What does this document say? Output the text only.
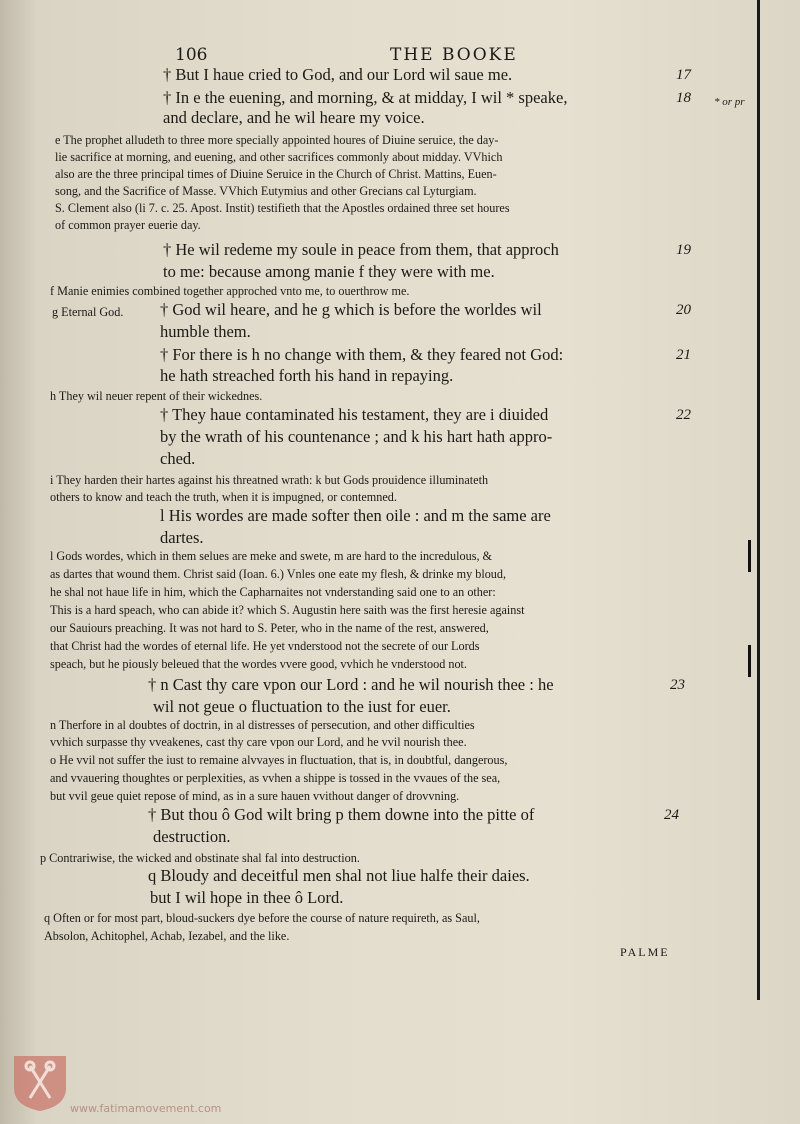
106	THE BOOKE
* or pr
† But I haue cried to God, and our Lord wil saue me.	17
† In e the euening, and morning, & at midday, I wil * speake,	18
and declare, and he wil heare my voice.
e The prophet alludeth to three more specially appointed houres of Diuine seruice, the day-
lie sacrifice at morning, and euening, and other sacrifices commonly about midday. VVhich
also are the three principal times of Diuine Seruice in the Church of Christ. Mattins, Euen-
song, and the Sacrifice of Masse. VVhich Eutymius and other Grecians cal Lyturgiam.
S. Clement also (li 7. c. 25. Apost. Instit) testifieth that the Apostles ordained three set houres
of common prayer euerie day.
† He wil redeme my soule in peace from them, that approch	19
to me: because among manie f they were with me.
f Manie enimies combined together approched vnto me, to ouerthrow me.
g Eternal God. † God wil heare, and he g which is before the worldes wil	20
humble them.
† For there is h no change with them, & they feared not God:	21
he hath streached forth his hand in repaying.
h They wil neuer repent of their wickednes.
† They haue contaminated his testament, they are i diuided	22
by the wrath of his countenance ; and k his hart hath appro-
ched.
i They harden their hartes against his threatned wrath: k but Gods prouidence illuminateth
others to know and teach the truth, when it is impugned, or contemned.
l His wordes are made softer then oile : and m the same are
dartes.
l Gods wordes, which in them selues are meke and swete, m are hard to the incredulous, &
as dartes that wound them. Christ said (Ioan. 6.) Vnles one eate my flesh, & drinke my bloud,
he shal not haue life in him, which the Capharnaites not vnderstanding said one to an other:
This is a hard speach, who can abide it? which S. Augustin here saith was the first heresie against
our Sauiours preaching. It was not hard to S. Peter, who in the name of the rest, answered,
that Christ had the wordes of eternal life. He yet vnderstood not the secrete of our Lords
speach, but he piously beleued that the wordes vvere good, vvhich he vnderstood not.
† n Cast thy care vpon our Lord : and he wil nourish thee : he	23
wil not geue o fluctuation to the iust for euer.
n Therfore in al doubtes of doctrin, in al distresses of persecution, and other difficulties
vvhich surpasse thy vveakenes, cast thy care vpon our Lord, and he vvil nourish thee.
o He vvil not suffer the iust to remaine alvvayes in fluctuation, that is, in doubtful, dangerous,
and vvauering thoughtes or perplexities, as vvhen a shippe is tossed in the vvaues of the sea,
but vvil geue quiet repose of mind, as in a sure hauen vvithout danger of drovvning.
† But thou ô God wilt bring p them downe into the pitte of	24
destruction.
p Contrariwise, the wicked and obstinate shal fal into destruction.
q Bloudy and deceitful men shal not liue halfe their daies.
but I wil hope in thee ô Lord.
q Often or for most part, bloud-suckers dye before the course of nature requireth, as Saul,
Absolon, Achitophel, Achab, Iezabel, and the like.
PALME
www.fatimamovement.com
